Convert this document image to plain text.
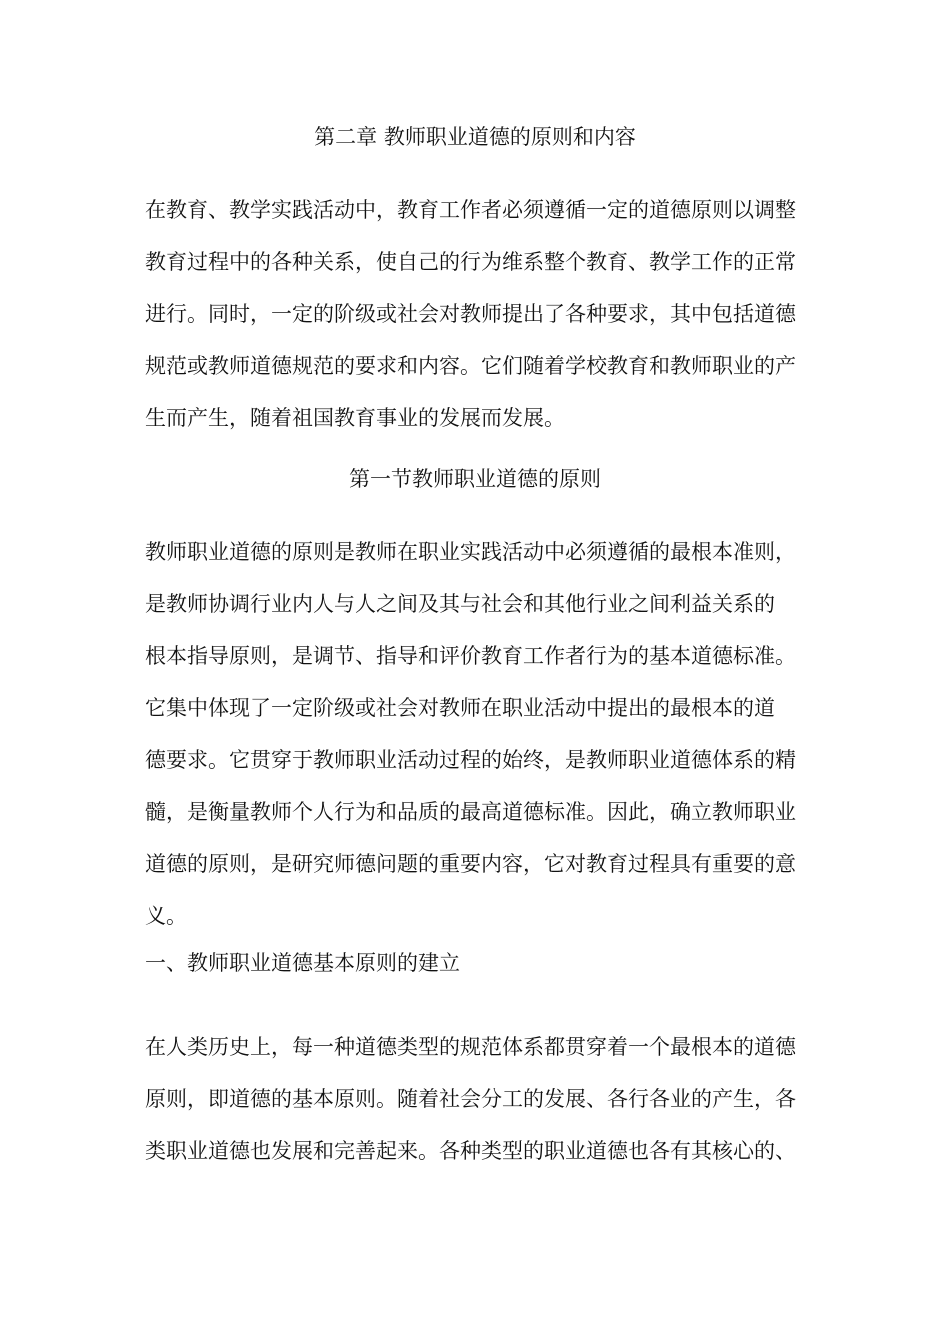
第二章 教师职业道德的原则和内容
在教育、教学实践活动中，教育工作者必须遵循一定的道德原则以调整
教育过程中的各种关系，使自己的行为维系整个教育、教学工作的正常
进行。同时，一定的阶级或社会对教师提出了各种要求，其中包括道德
规范或教师道德规范的要求和内容。它们随着学校教育和教师职业的产
生而产生，随着祖国教育事业的发展而发展。
第一节教师职业道德的原则
教师职业道德的原则是教师在职业实践活动中必须遵循的最根本准则，
是教师协调行业内人与人之间及其与社会和其他行业之间利益关系的
根本指导原则，是调节、指导和评价教育工作者行为的基本道德标准。
它集中体现了一定阶级或社会对教师在职业活动中提出的最根本的道
德要求。它贯穿于教师职业活动过程的始终，是教师职业道德体系的精
髓，是衡量教师个人行为和品质的最高道德标准。因此，确立教师职业
道德的原则，是研究师德问题的重要内容，它对教育过程具有重要的意
义。
一、教师职业道德基本原则的建立
在人类历史上，每一种道德类型的规范体系都贯穿着一个最根本的道德
原则，即道德的基本原则。随着社会分工的发展、各行各业的产生，各
类职业道德也发展和完善起来。各种类型的职业道德也各有其核心的、
